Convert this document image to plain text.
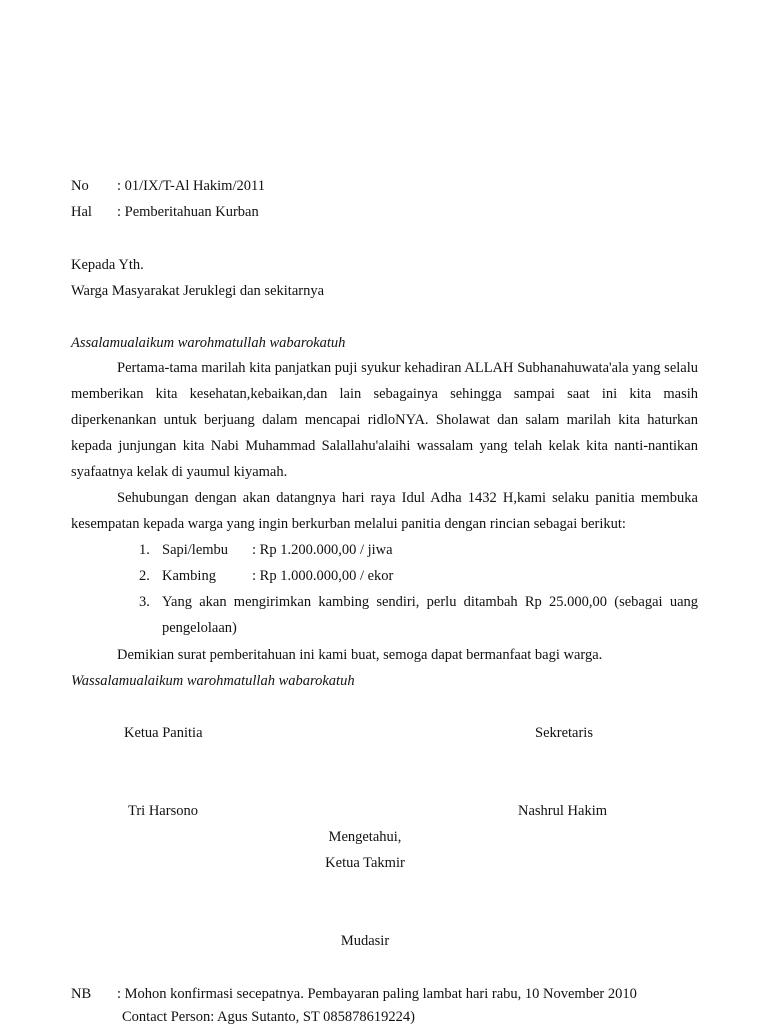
No : 01/IX/T-Al Hakim/2011
Hal : Pemberitahuan Kurban
Kepada Yth.
Warga Masyarakat Jeruklegi dan sekitarnya
Assalamualaikum warohmatullah wabarokatuh

Pertama-tama marilah kita panjatkan puji syukur kehadiran ALLAH Subhanahuwata'ala yang selalu memberikan kita kesehatan,kebaikan,dan lain sebagainya sehingga sampai saat ini kita masih diperkenankan untuk berjuang dalam mencapai ridloNYA. Sholawat dan salam marilah kita haturkan kepada junjungan kita Nabi Muhammad Salallahu'alaihi wassalam yang telah kelak kita nanti-nantikan syafaatnya kelak di yaumul kiyamah.

Sehubungan dengan akan datangnya hari raya Idul Adha 1432 H,kami selaku panitia membuka kesempatan kepada warga yang ingin berkurban melalui panitia dengan rincian sebagai berikut:

1. Sapi/lembu : Rp 1.200.000,00 / jiwa
2. Kambing : Rp 1.000.000,00 / ekor
3. Yang akan mengirimkan kambing sendiri, perlu ditambah Rp 25.000,00 (sebagai uang pengelolaan)
Demikian surat pemberitahuan ini kami buat, semoga dapat bermanfaat bagi warga.
Wassalamualaikum warohmatullah wabarokatuh
Ketua Panitia	Sekretaris
Tri Harsono	Nashrul Hakim
Mengetahui,
Ketua Takmir
Mudasir
NB : Mohon konfirmasi secepatnya. Pembayaran paling lambat hari rabu, 10 November 2010
Contact Person: Agus Sutanto, ST 085878619224)
